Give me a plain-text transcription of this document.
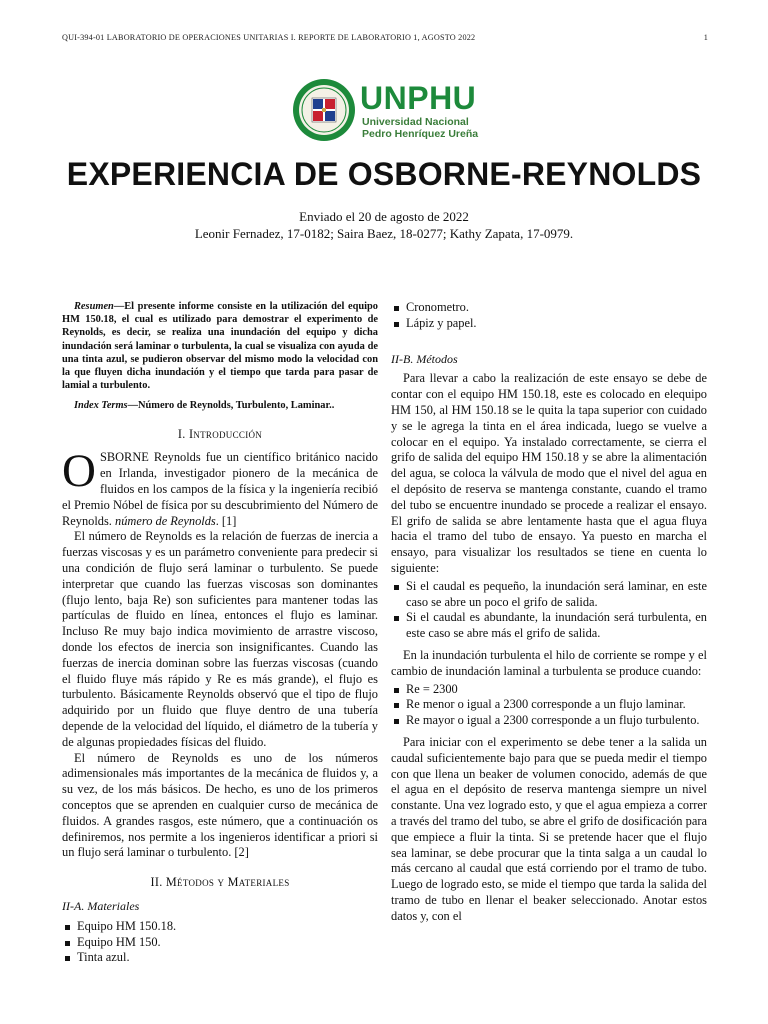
QUI-394-01 LABORATORIO DE OPERACIONES UNITARIAS I. REPORTE DE LABORATORIO 1, AGOSTO 2022	1
UNPHU
Universidad Nacional
Pedro Henríquez Ureña
EXPERIENCIA DE OSBORNE-REYNOLDS
Enviado el 20 de agosto de 2022
Leonir Fernadez, 17-0182; Saira Baez, 18-0277; Kathy Zapata, 17-0979.

Resumen—El presente informe consiste en la utilización del equipo HM 150.18, el cual es utilizado para demostrar el experimento de Reynolds, es decir, se realiza una inundación del equipo y dicha inundación será laminar o turbulenta, la cual se visualiza con ayuda de una tinta azul, se pudieron observar del mismo modo la velocidad con la que fluyen dicha inundación y el tiempo que tarda para pasar de lamial a turbulento.

Index Terms—Número de Reynolds, Turbulento, Laminar..

I. Introducción

OSBORNE Reynolds fue un científico británico nacido en Irlanda, investigador pionero de la mecánica de fluidos en los campos de la física y la ingeniería recibió el Premio Nóbel de física por su descubrimiento del Número de Reynolds. número de Reynolds. [1]

El número de Reynolds es la relación de fuerzas de inercia a fuerzas viscosas y es un parámetro conveniente para predecir si una condición de flujo será laminar o turbulento. Se puede interpretar que cuando las fuerzas viscosas son dominantes (flujo lento, baja Re) son suficientes para mantener todas las partículas de fluido en línea, entonces el flujo es laminar. Incluso Re muy bajo indica movimiento de arrastre viscoso, donde los efectos de inercia son insignificantes. Cuando las fuerzas de inercia dominan sobre las fuerzas viscosas (cuando el fluido fluye más rápido y Re es más grande), el flujo es turbulento. Básicamente Reynolds observó que el tipo de flujo adquirido por un fluido que fluye dentro de una tubería depende de la velocidad del líquido, el diámetro de la tubería y de algunas propiedades físicas del fluido.

El número de Reynolds es uno de los números adimensionales más importantes de la mecánica de fluidos y, a su vez, de los más básicos. De hecho, es uno de los primeros conceptos que se aprenden en cualquier curso de mecánica de fluidos. A grandes rasgos, este número, que a continuación os definiremos, nos permite a los ingenieros identificar a priori si un flujo será laminar o turbulento. [2]

II. Métodos y Materiales
II-A. Materiales
Equipo HM 150.18.
Equipo HM 150.
Tinta azul.
Cronometro.
Lápiz y papel.
II-B. Métodos

Para llevar a cabo la realización de este ensayo se debe de contar con el equipo HM 150.18, este es colocado en elequipo HM 150, al HM 150.18 se le quita la tapa superior con cuidado y se le agrega la tinta en el área indicada, luego se vuelve a colocar en el equipo. Ya instalado correctamente, se cierra el grifo de salida del equipo HM 150.18 y se abre la alimentación del agua, se coloca la válvula de modo que el nivel del agua en el depósito de reserva se mantenga constante, cuando el tramo del tubo se encuentre inundado se procede a realizar el ensayo. El grifo de salida se abre lentamente hasta que el agua fluya hacia el tramo del tubo de ensayo. Ya puesto en marcha el ensayo, para visualizar los resultados se tiene en cuenta lo siguiente:

Si el caudal es pequeño, la inundación será laminar, en este caso se abre un poco el grifo de salida.
Si el caudal es abundante, la inundación será turbulenta, en este caso se abre más el grifo de salida.

En la inundación turbulenta el hilo de corriente se rompe y el cambio de inundación laminal a turbulenta se produce cuando:

Re = 2300
Re menor o igual a 2300 corresponde a un flujo laminar.
Re mayor o igual a 2300 corresponde a un flujo turbulento.

Para iniciar con el experimento se debe tener a la salida un caudal suficientemente bajo para que se pueda medir el tiempo con que llena un beaker de volumen conocido, además de que el agua en el depósito de reserva mantenga siempre un nivel constante. Una vez logrado esto, y que el agua empieza a correr a través del tramo del tubo, se abre el grifo de dosificación para que empiece a fluir la tinta. Si se pretende hacer que el flujo sea laminar, se debe procurar que la tinta salga a un caudal lo más cercano al caudal que está corriendo por el tramo de tubo. Luego de logrado esto, se mide el tiempo que tarda la salida del tramo de tubo en llenar el beaker seleccionado. Anotar estos datos y, con el
